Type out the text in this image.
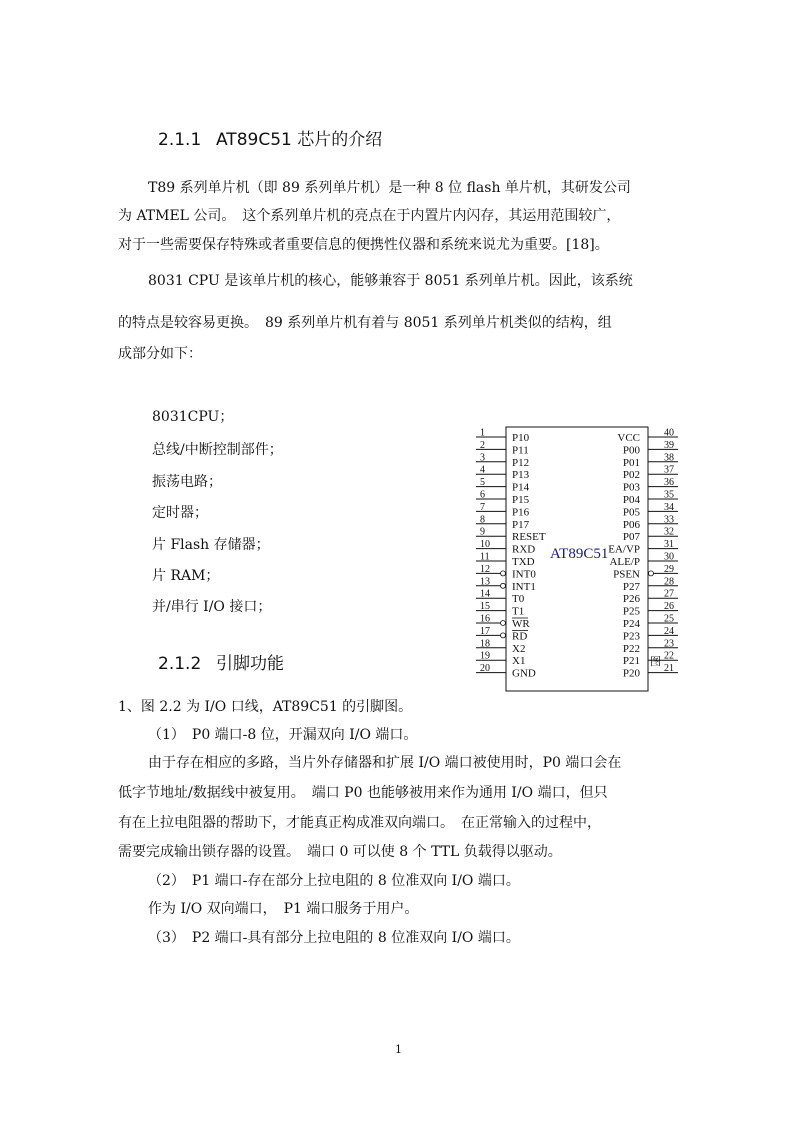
2.1.1 AT89C51 芯片的介绍
T89 系列单片机（即 89 系列单片机）是一种 8 位 flash 单片机，其研发公司
为 ATMEL 公司。　这个系列单片机的亮点在于内置片内闪存，其运用范围较广，
对于一些需要保存特殊或者重要信息的便携性仪器和系统来说尤为重要。[18]。
8031 CPU 是该单片机的核心，能够兼容于 8051 系列单片机。因此，该系统
的特点是较容易更换。　89 系列单片机有着与 8051 系列单片机类似的结构，组
成部分如下：
8031CPU；
总线/中断控制部件；
振荡电路；
定时器；
片 Flash 存储器；
片 RAM；
并/串行 I/O 接口；
2.1.2 引脚功能
1 P10
2 P11
3 P12
4 P13
5 P14
6 P15
7 P16
8 P17
9 RESET
10 RXD
11 TXD
12 INT0
13 INT1
14 T0
15 T1
16 WR
17 RD
18 X2
19 X1
20 GND
40
VCC
39
P00
38
P01
37
P02
36
P03
35
P04
34
P05
33
P06
32
P07
31
EA/VP
30
ALE/P
29
PSEN
28
P27
27
P26
26
P25
25
P24
24
P23
23
P22
22
P21
21
P20
AT89C51
图
1、图 2.2 为 I/O 口线，AT89C51 的引脚图。
（1）　P0 端口-8 位，开漏双向 I/O 端口。
由于存在相应的多路，当片外存储器和扩展 I/O 端口被使用时，P0 端口会在
低字节地址/数据线中被复用。　端口 P0 也能够被用来作为通用 I/O 端口，但只
有在上拉电阻器的帮助下，才能真正构成准双向端口。　在正常输入的过程中，
需要完成输出锁存器的设置。　端口 0 可以使 8 个 TTL 负载得以驱动。
（2）　P1 端口-存在部分上拉电阻的 8 位准双向 I/O 端口。
作为 I/O 双向端口，　P1 端口服务于用户。
（3）　P2 端口-具有部分上拉电阻的 8 位准双向 I/O 端口。
1
